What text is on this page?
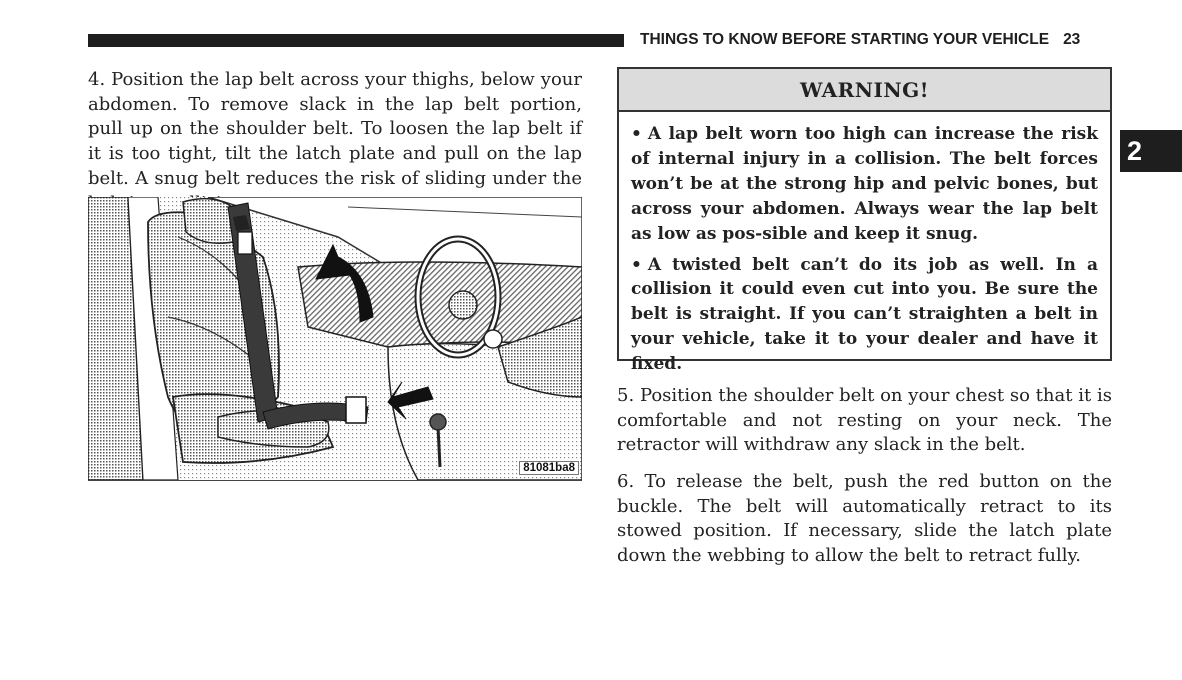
THINGS TO KNOW BEFORE STARTING YOUR VEHICLE 23
2

4. Position the lap belt across your thighs, below your abdomen. To remove slack in the lap belt portion, pull up on the shoulder belt. To loosen the lap belt if it is too tight, tilt the latch plate and pull on the lap belt. A snug belt reduces the risk of sliding under the

81081ba8
WARNING!

• A lap belt worn too high can increase the risk of internal injury in a collision. The belt forces won’t be at the strong hip and pelvic bones, but across your abdomen. Always wear the lap belt as low as pos-sible and keep it snug.

• A twisted belt can’t do its job as well. In a collision it could even cut into you. Be sure the belt is straight. If you can’t straighten a belt in your vehicle, take it to your dealer and have it fixed.

5. Position the shoulder belt on your chest so that it is comfortable and not resting on your neck. The retractor will withdraw any slack in the belt.

6. To release the belt, push the red button on the buckle. The belt will automatically retract to its stowed position. If necessary, slide the latch plate down the webbing to allow the belt to retract fully.
